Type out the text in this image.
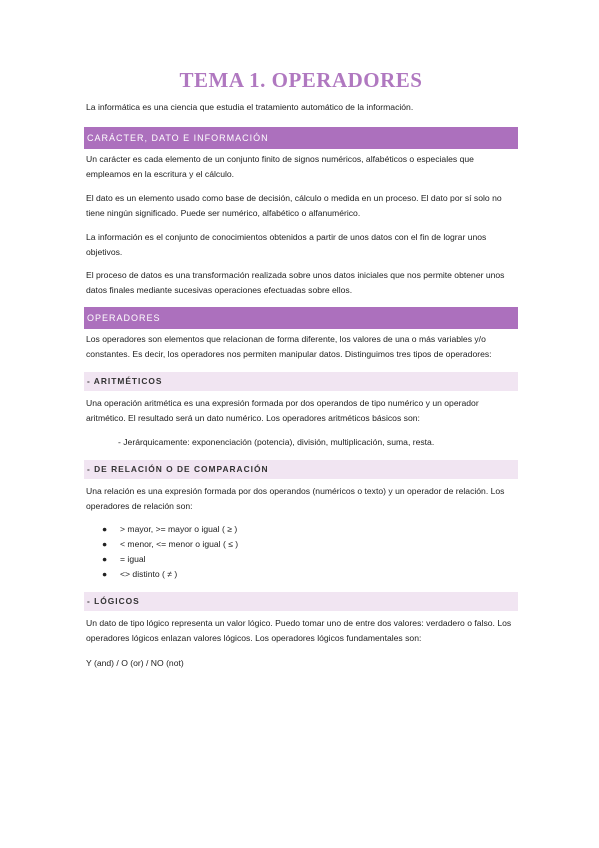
TEMA 1. OPERADORES

La informática es una ciencia que estudia el tratamiento automático de la información.

CARÁCTER, DATO E INFORMACIÓN

Un carácter es cada elemento de un conjunto finito de signos numéricos, alfabéticos o especiales que empleamos en la escritura y el cálculo.

El dato es un elemento usado como base de decisión, cálculo o medida en un proceso. El dato por sí solo no tiene ningún significado. Puede ser numérico, alfabético o alfanumérico.

La información es el conjunto de conocimientos obtenidos a partir de unos datos con el fin de lograr unos objetivos.

El proceso de datos es una transformación realizada sobre unos datos iniciales que nos permite obtener unos datos finales mediante sucesivas operaciones efectuadas sobre ellos.

OPERADORES

Los operadores son elementos que relacionan de forma diferente, los valores de una o más variables y/o constantes. Es decir, los operadores nos permiten manipular datos. Distinguimos tres tipos de operadores:

- ARITMÉTICOS

Una operación aritmética es una expresión formada por dos operandos de tipo numérico y un operador aritmético. El resultado será un dato numérico. Los operadores aritméticos básicos son:

- Jerárquicamente: exponenciación (potencia), división, multiplicación, suma, resta.

- DE RELACIÓN O DE COMPARACIÓN

Una relación es una expresión formada por dos operandos (numéricos o texto) y un operador de relación. Los operadores de relación son:

● > mayor, >= mayor o igual ( ≥ )
● < menor, <= menor o igual ( ≤ )
● = igual
● <> distinto ( ≠ )
- LÓGICOS

Un dato de tipo lógico representa un valor lógico. Puedo tomar uno de entre dos valores: verdadero o falso. Los operadores lógicos enlazan valores lógicos. Los operadores lógicos fundamentales son:

Y (and) / O (or) / NO (not)
